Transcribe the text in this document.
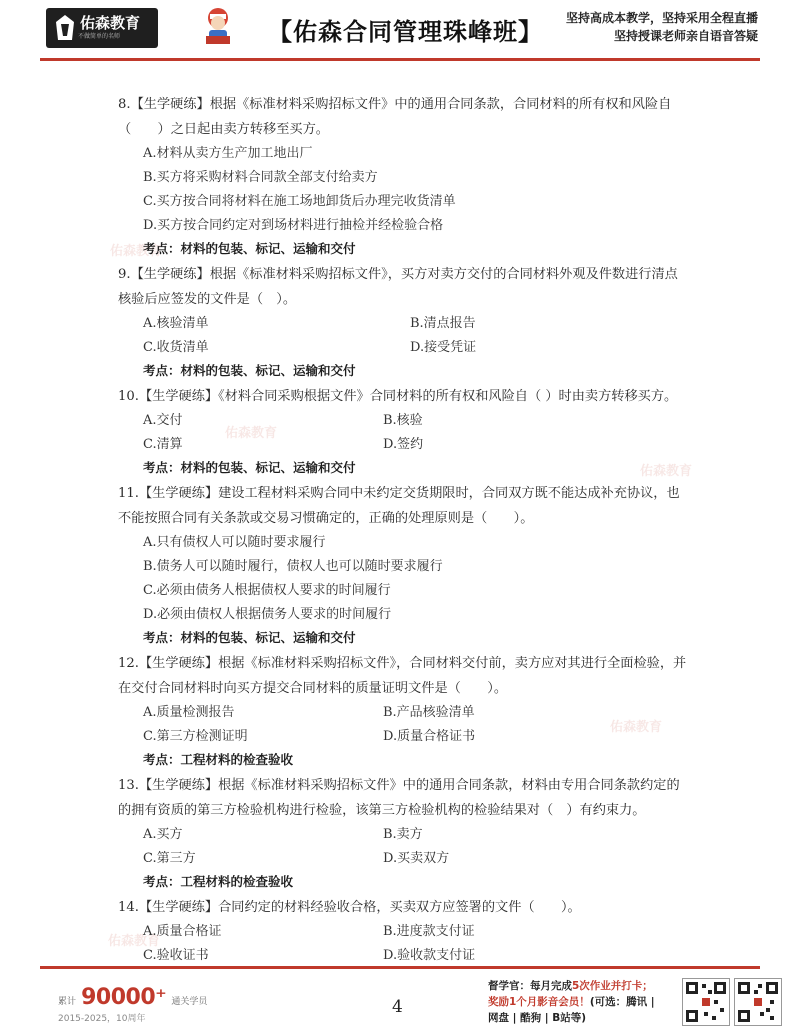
佑森教育
不做简单的名师	【佑森合同管理珠峰班】 坚持高成本教学，坚持采用全程直播
坚持授课老师亲自语音答疑
佑森教育
佑森教育
佑森教育
佑森教育
佑森教育
8.【生学硬练】根据《标准材料采购招标文件》中的通用合同条款，合同材料的所有权和风险自（　　）之日起由卖方转移至买方。
A.材料从卖方生产加工地出厂
B.买方将采购材料合同款全部支付给卖方
C.买方按合同将材料在施工场地卸货后办理完收货清单
D.买方按合同约定对到场材料进行抽检并经检验合格
考点：材料的包装、标记、运输和交付
9.【生学硬练】根据《标准材料采购招标文件》，买方对卖方交付的合同材料外观及件数进行清点核验后应签发的文件是（　）。
A.核验清单	B.清点报告
C.收货清单	D.接受凭证
考点：材料的包装、标记、运输和交付
10.【生学硬练】《材料合同采购根据文件》合同材料的所有权和风险自（ ）时由卖方转移买方。
A.交付	B.核验
C.清算	D.签约
考点：材料的包装、标记、运输和交付
11.【生学硬练】建设工程材料采购合同中未约定交货期限时，合同双方既不能达成补充协议，也不能按照合同有关条款或交易习惯确定的，正确的处理原则是（　　）。
A.只有债权人可以随时要求履行
B.债务人可以随时履行，债权人也可以随时要求履行
C.必须由债务人根据债权人要求的时间履行
D.必须由债权人根据债务人要求的时间履行
考点：材料的包装、标记、运输和交付
12.【生学硬练】根据《标准材料采购招标文件》，合同材料交付前，卖方应对其进行全面检验，并在交付合同材料时向买方提交合同材料的质量证明文件是（　　）。
A.质量检测报告	B.产品核验清单
C.第三方检测证明	D.质量合格证书
考点：工程材料的检查验收
13.【生学硬练】根据《标准材料采购招标文件》中的通用合同条款，材料由专用合同条款约定的的拥有资质的第三方检验机构进行检验，该第三方检验机构的检验结果对（　）有约束力。
A.买方	B.卖方
C.第三方	D.买卖双方
考点：工程材料的检查验收
14.【生学硬练】合同约定的材料经验收合格，买卖双方应签署的文件（　　）。
A.质量合格证	B.进度款支付证
C.验收证书	D.验收款支付证
累计 90000⁺ 通关学员
2015-2025，10周年
4
督学官：每月完成5次作业并打卡；
奖励1个月影音会员！(可选：腾讯 |
网盘 | 酷狗 | B站等)
